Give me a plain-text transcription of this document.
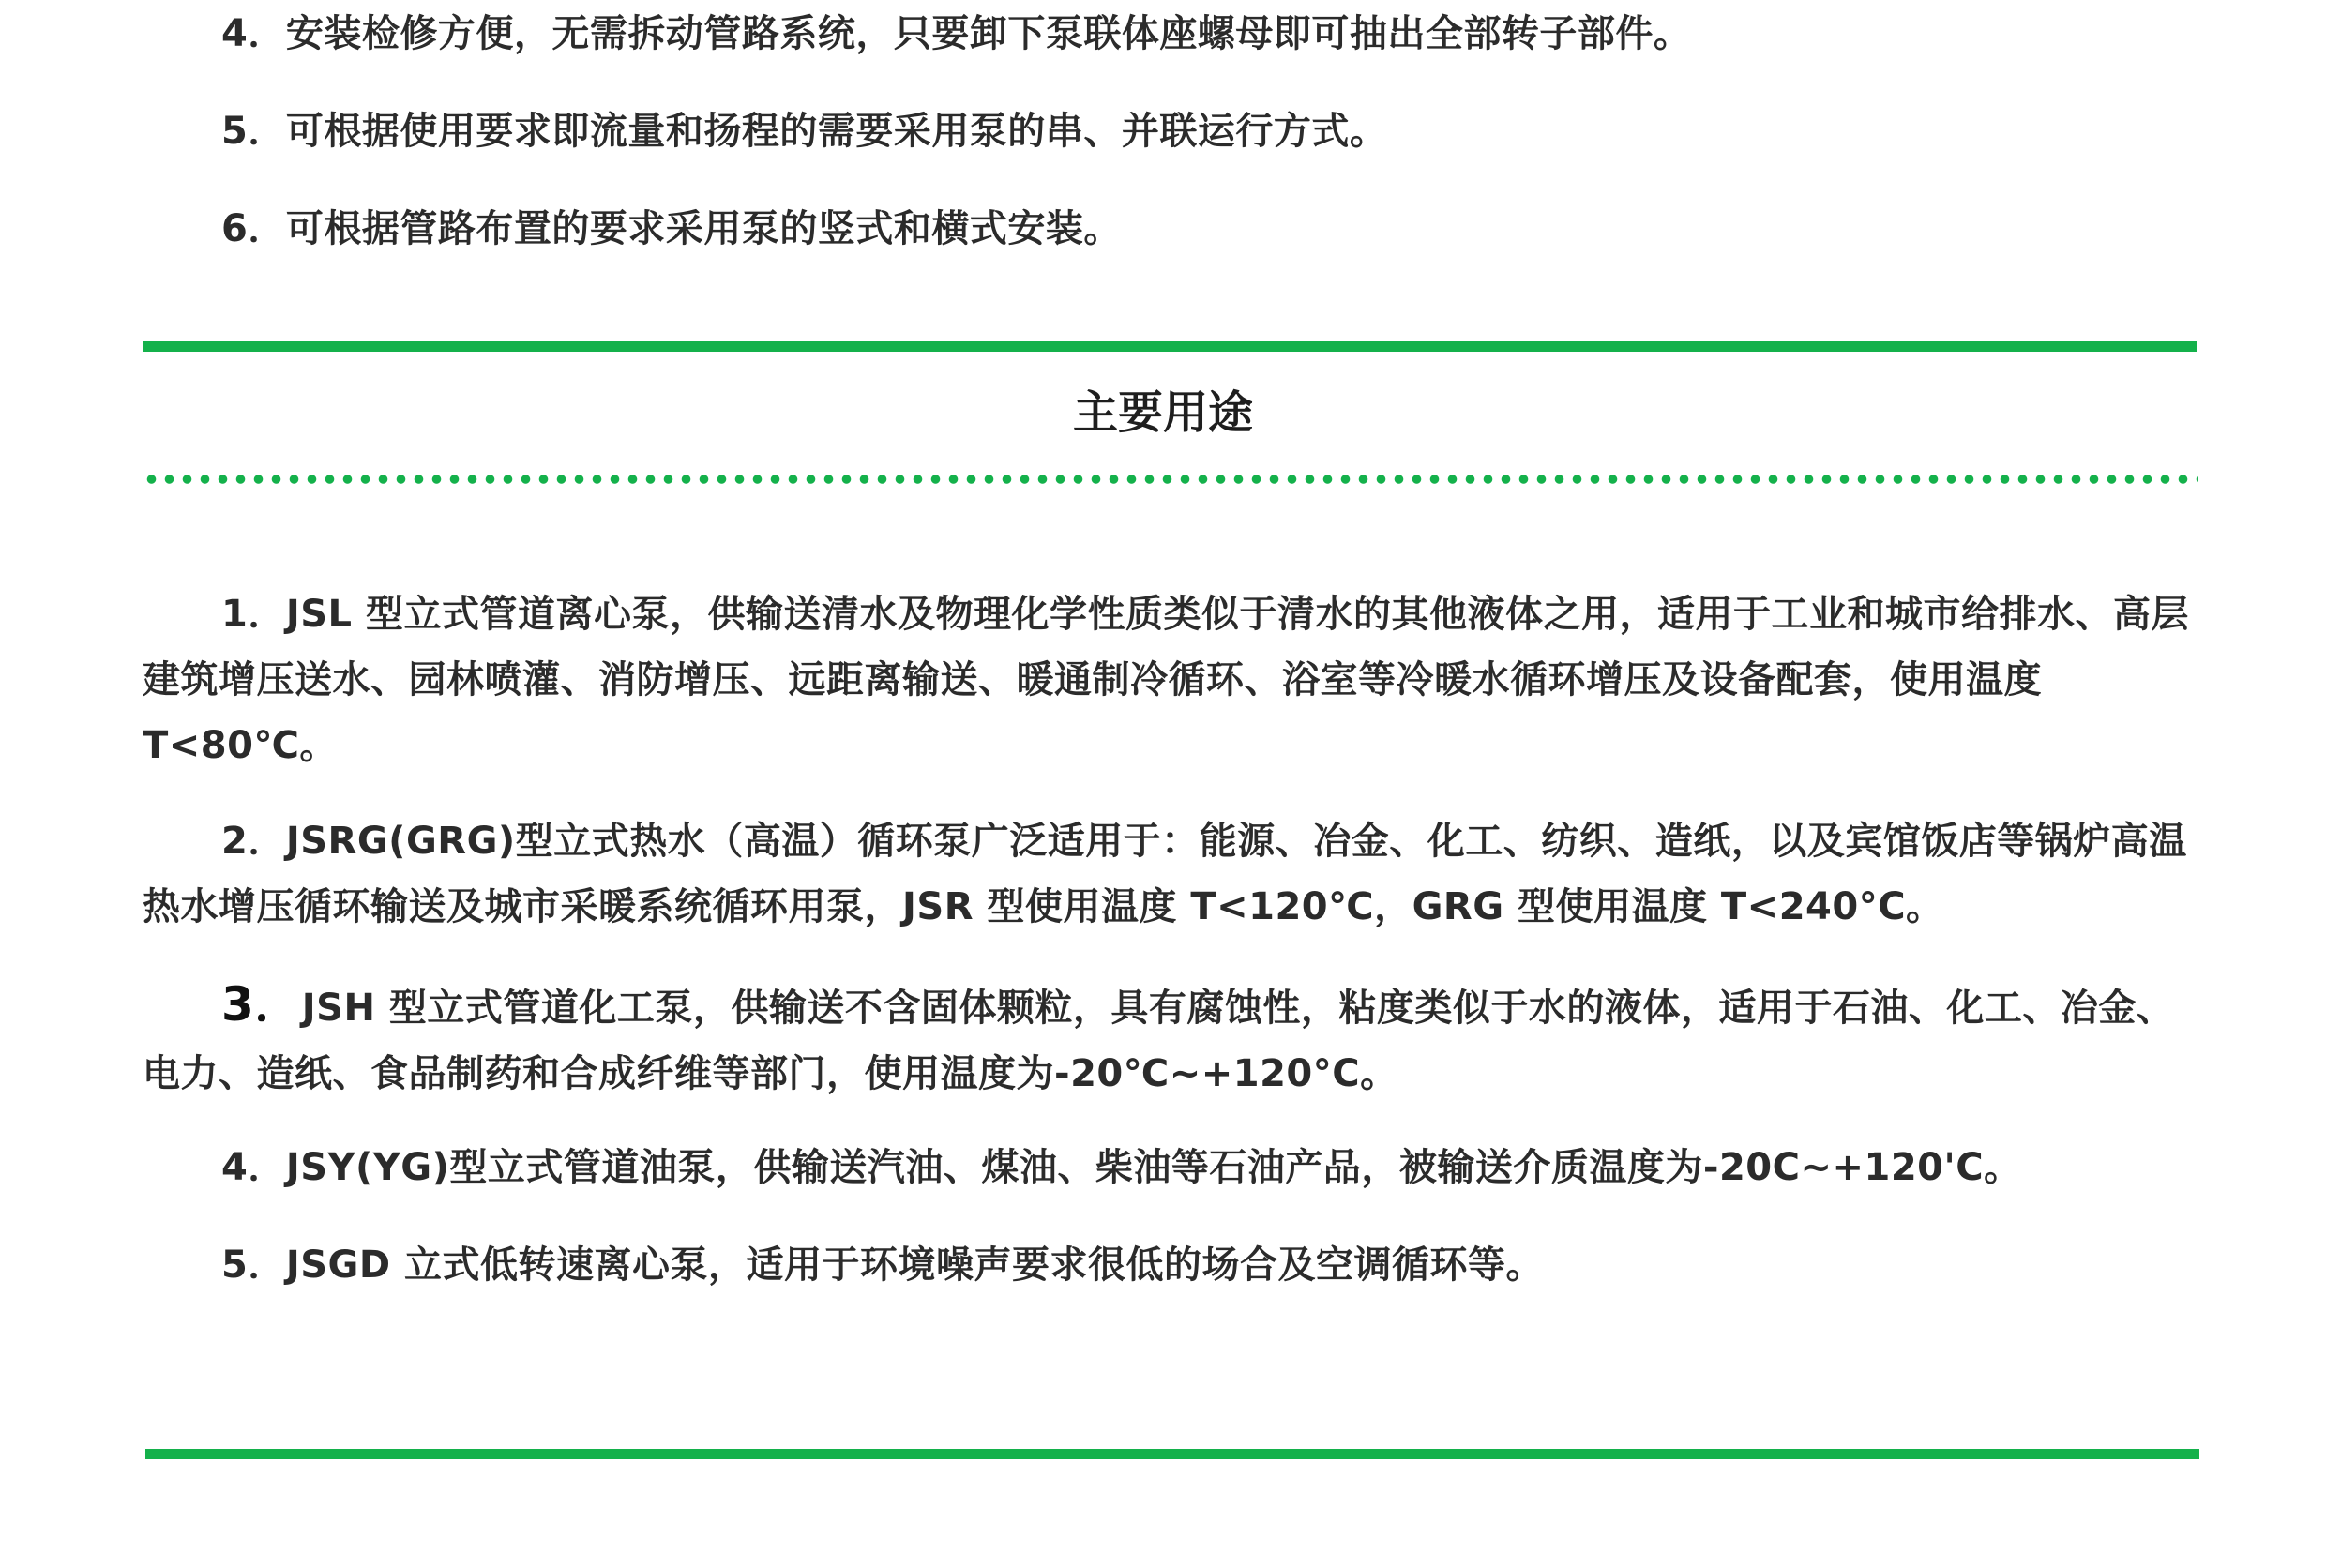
4．安装检修方便，无需拆动管路系统，只要卸下泵联体座螺母即可抽出全部转子部件。
5．可根据使用要求即流量和扬程的需要采用泵的串、并联运行方式。
6．可根据管路布置的要求采用泵的竖式和横式安装。
主要用途
1．JSL 型立式管道离心泵，供输送清水及物理化学性质类似于清水的其他液体之用，适用于工业和城市给排水、高层建筑增压送水、园林喷灌、消防增压、远距离输送、暖通制冷循环、浴室等冷暖水循环增压及设备配套，使用温度 T<80℃。
2．JSRG(GRG)型立式热水（高温）循环泵广泛适用于：能源、冶金、化工、纺织、造纸，以及宾馆饭店等锅炉高温热水增压循环输送及城市采暖系统循环用泵，JSR 型使用温度 T<120℃，GRG 型使用温度 T<240°C。
3．JSH 型立式管道化工泵，供输送不含固体颗粒，具有腐蚀性，粘度类似于水的液体，适用于石油、化工、冶金、电力、造纸、食品制药和合成纤维等部门，使用温度为-20℃~+120°C。
4．JSY(YG)型立式管道油泵，供输送汽油、煤油、柴油等石油产品，被输送介质温度为-20C~+120'C。
5．JSGD 立式低转速离心泵，适用于环境噪声要求很低的场合及空调循环等。
